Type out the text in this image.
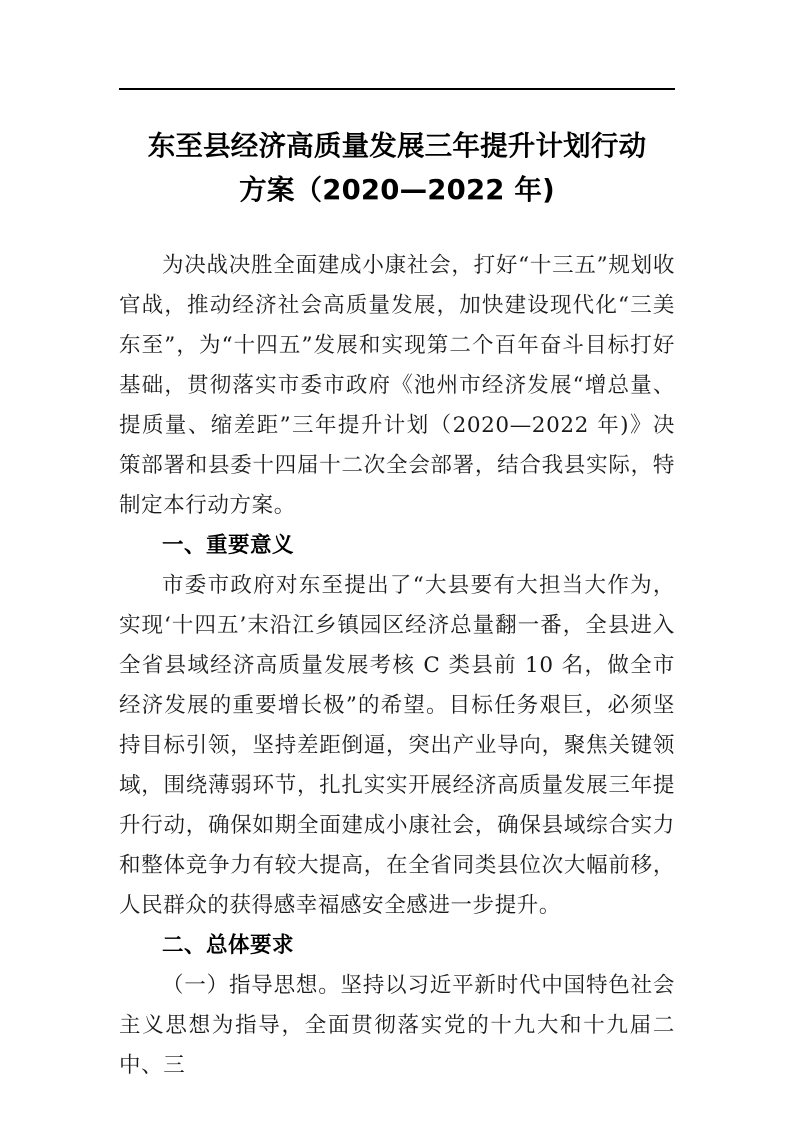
东至县经济高质量发展三年提升计划行动
方案（2020—2022 年)

为决战决胜全面建成小康社会，打好“十三五”规划收官战，推动经济社会高质量发展，加快建设现代化“三美东至”，为“十四五”发展和实现第二个百年奋斗目标打好基础，贯彻落实市委市政府《池州市经济发展“增总量、提质量、缩差距”三年提升计划（2020—2022 年)》决策部署和县委十四届十二次全会部署，结合我县实际，特制定本行动方案。

一、重要意义

市委市政府对东至提出了“大县要有大担当大作为，实现‘十四五’末沿江乡镇园区经济总量翻一番，全县进入全省县域经济高质量发展考核 C 类县前 10 名，做全市经济发展的重要增长极”的希望。目标任务艰巨，必须坚持目标引领，坚持差距倒逼，突出产业导向，聚焦关键领域，围绕薄弱环节，扎扎实实开展经济高质量发展三年提升行动，确保如期全面建成小康社会，确保县域综合实力和整体竞争力有较大提高，在全省同类县位次大幅前移，人民群众的获得感幸福感安全感进一步提升。

二、总体要求

（一）指导思想。坚持以习近平新时代中国特色社会主义思想为指导，全面贯彻落实党的十九大和十九届二中、三
